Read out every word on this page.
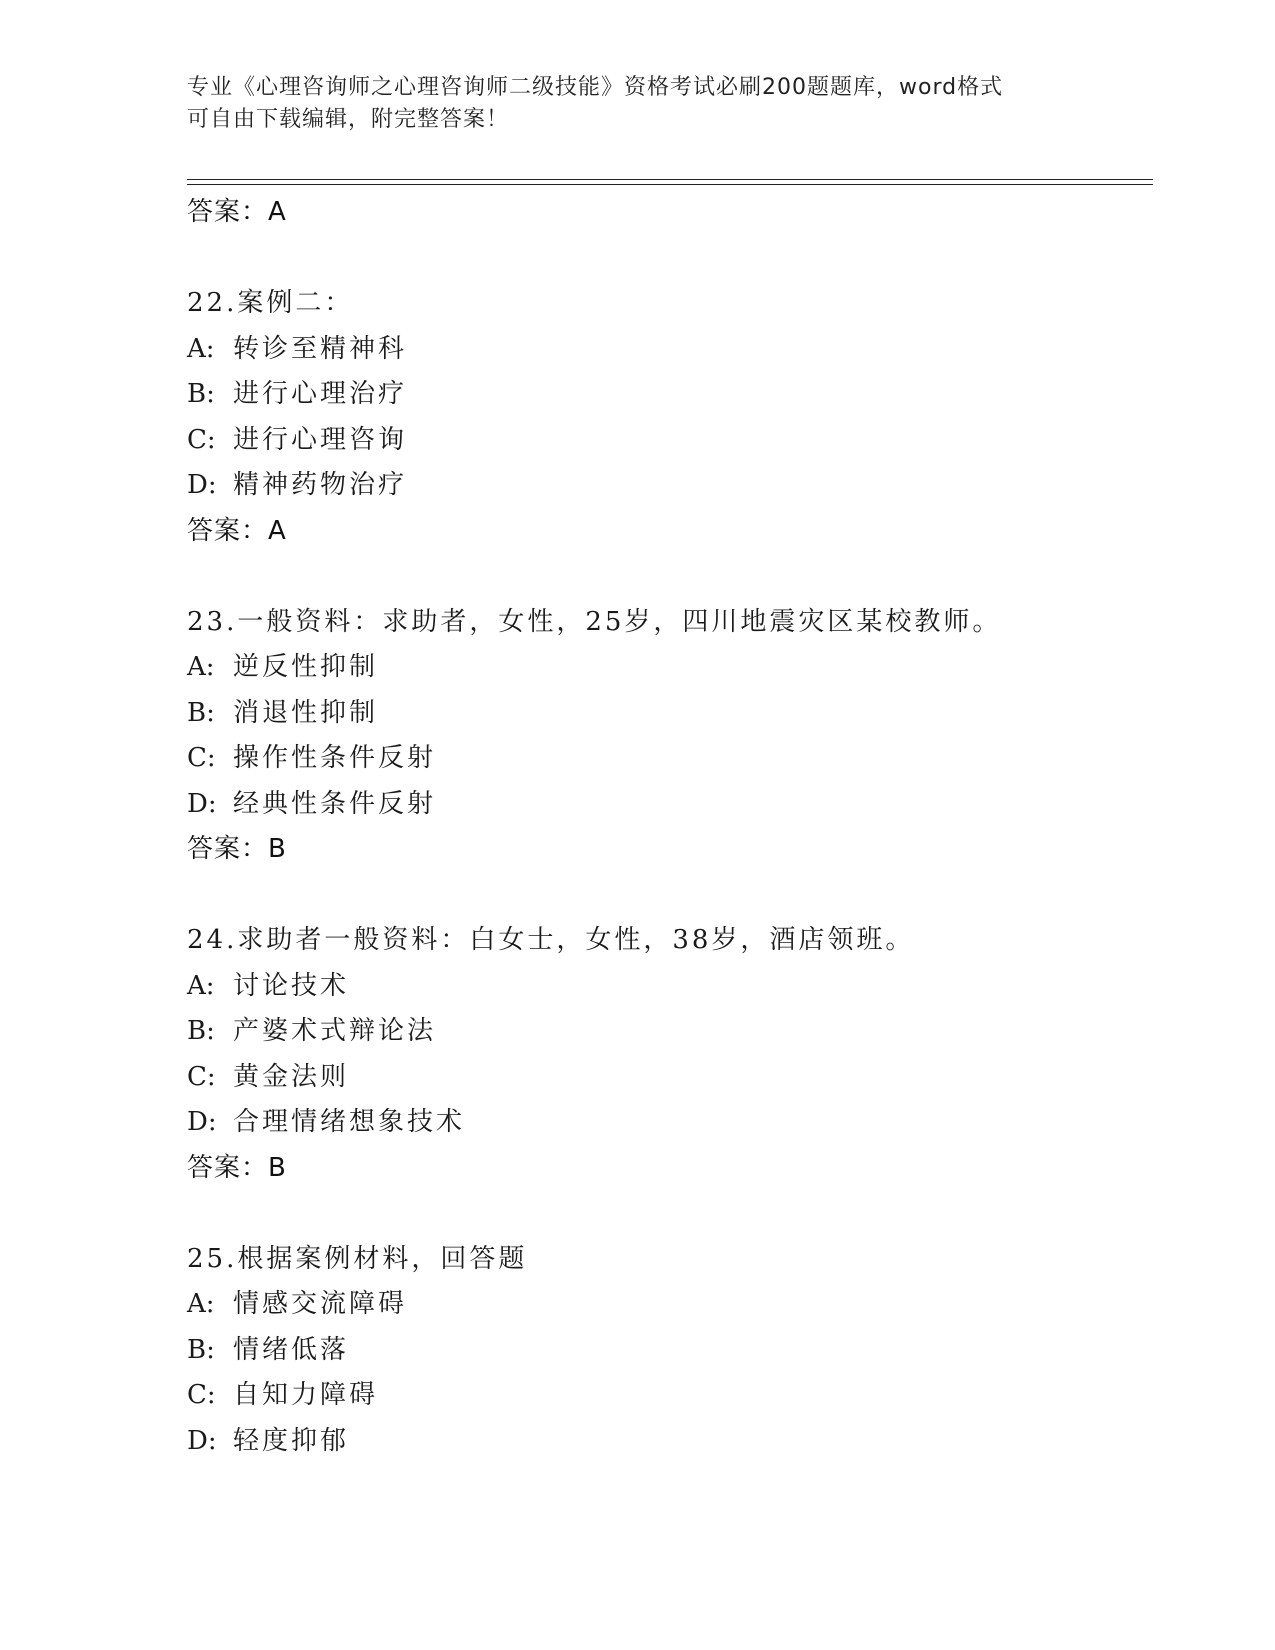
专业《心理咨询师之心理咨询师二级技能》资格考试必刷200题题库，word格式
可自由下载编辑，附完整答案！
答案：A
22.案例二：
A: 转诊至精神科
B: 进行心理治疗
C: 进行心理咨询
D: 精神药物治疗
答案：A
23.一般资料：求助者，女性，25岁，四川地震灾区某校教师。
A: 逆反性抑制
B: 消退性抑制
C: 操作性条件反射
D: 经典性条件反射
答案：B
24.求助者一般资料：白女士，女性，38岁，酒店领班。
A: 讨论技术
B: 产婆术式辩论法
C: 黄金法则
D: 合理情绪想象技术
答案：B
25.根据案例材料，回答题
A: 情感交流障碍
B: 情绪低落
C: 自知力障碍
D: 轻度抑郁
